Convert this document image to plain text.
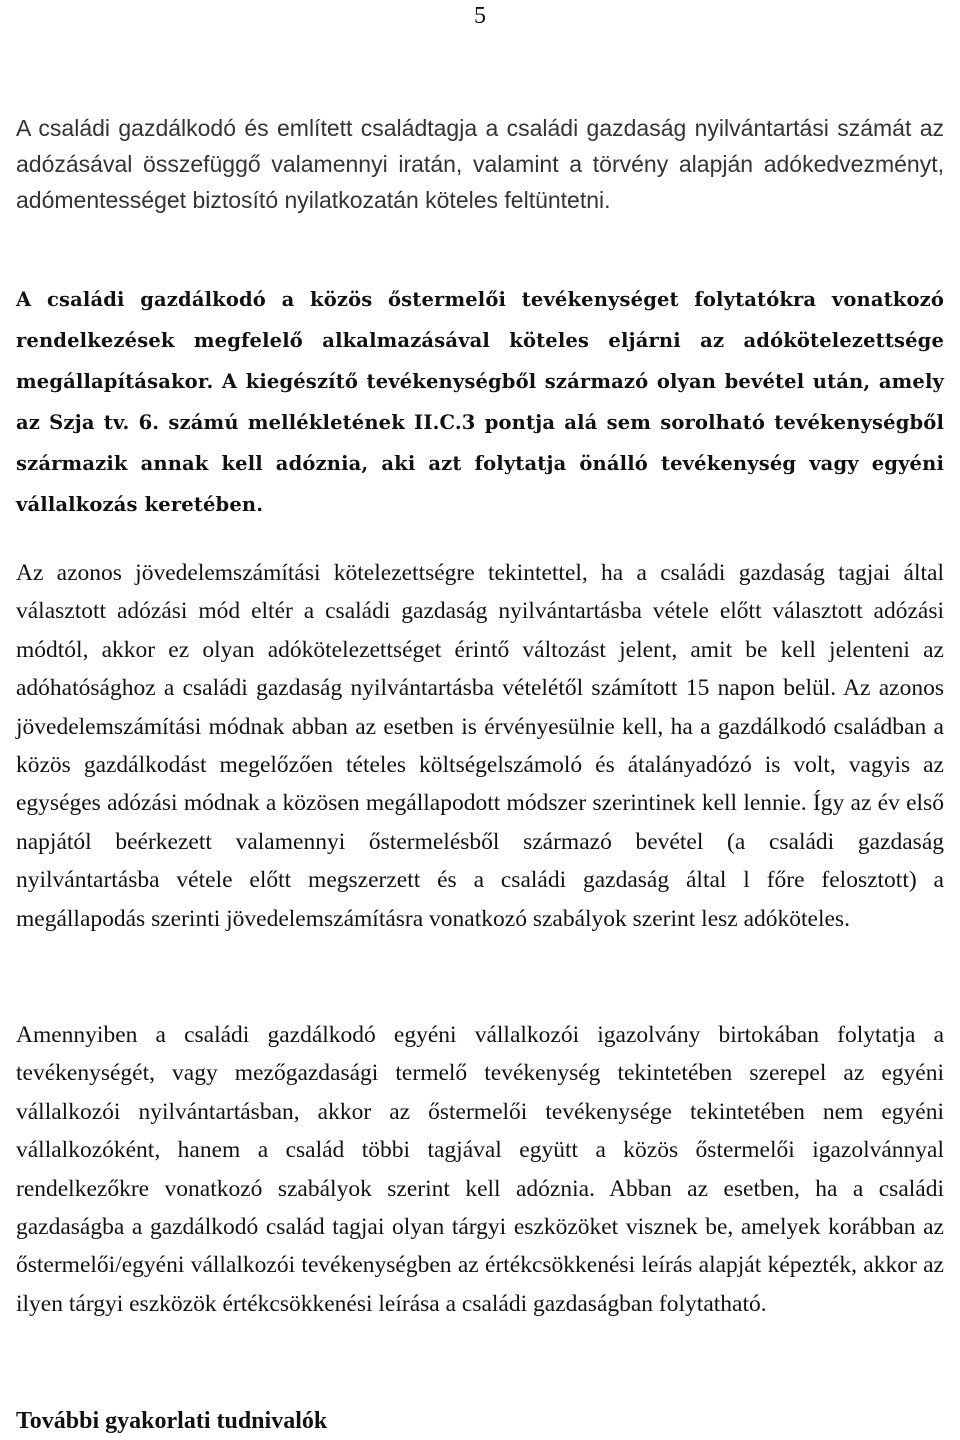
5

A családi gazdálkodó és említett családtagja a családi gazdaság nyilvántartási számát az adózásával összefüggő valamennyi iratán, valamint a törvény alapján adókedvezményt, adómentességet biztosító nyilatkozatán köteles feltüntetni.

A családi gazdálkodó a közös őstermelői tevékenységet folytatókra vonatkozó rendelkezések megfelelő alkalmazásával köteles eljárni az adókötelezettsége megállapításakor. A kiegészítő tevékenységből származó olyan bevétel után, amely az Szja tv. 6. számú mellékletének II.C.3 pontja alá sem sorolható tevékenységből származik annak kell adóznia, aki azt folytatja önálló tevékenység vagy egyéni vállalkozás keretében.

Az azonos jövedelemszámítási kötelezettségre tekintettel, ha a családi gazdaság tagjai által választott adózási mód eltér a családi gazdaság nyilvántartásba vétele előtt választott adózási módtól, akkor ez olyan adókötelezettséget érintő változást jelent, amit be kell jelenteni az adóhatósághoz a családi gazdaság nyilvántartásba vételétől számított 15 napon belül. Az azonos jövedelemszámítási módnak abban az esetben is érvényesülnie kell, ha a gazdálkodó családban a közös gazdálkodást megelőzően tételes költségelszámoló és átalányadózó is volt, vagyis az egységes adózási módnak a közösen megállapodott módszer szerintinek kell lennie. Így az év első napjától beérkezett valamennyi őstermelésből származó bevétel (a családi gazdaság nyilvántartásba vétele előtt megszerzett és a családi gazdaság által l főre felosztott) a megállapodás szerinti jövedelemszámításra vonatkozó szabályok szerint lesz adóköteles.

Amennyiben a családi gazdálkodó egyéni vállalkozói igazolvány birtokában folytatja a tevékenységét, vagy mezőgazdasági termelő tevékenység tekintetében szerepel az egyéni vállalkozói nyilvántartásban, akkor az őstermelői tevékenysége tekintetében nem egyéni vállalkozóként, hanem a család többi tagjával együtt a közös őstermelői igazolvánnyal rendelkezőkre vonatkozó szabályok szerint kell adóznia. Abban az esetben, ha a családi gazdaságba a gazdálkodó család tagjai olyan tárgyi eszközöket visznek be, amelyek korábban az őstermelői/egyéni vállalkozói tevékenységben az értékcsökkenési leírás alapját képezték, akkor az ilyen tárgyi eszközök értékcsökkenési leírása a családi gazdaságban folytatható.

További gyakorlati tudnivalók
